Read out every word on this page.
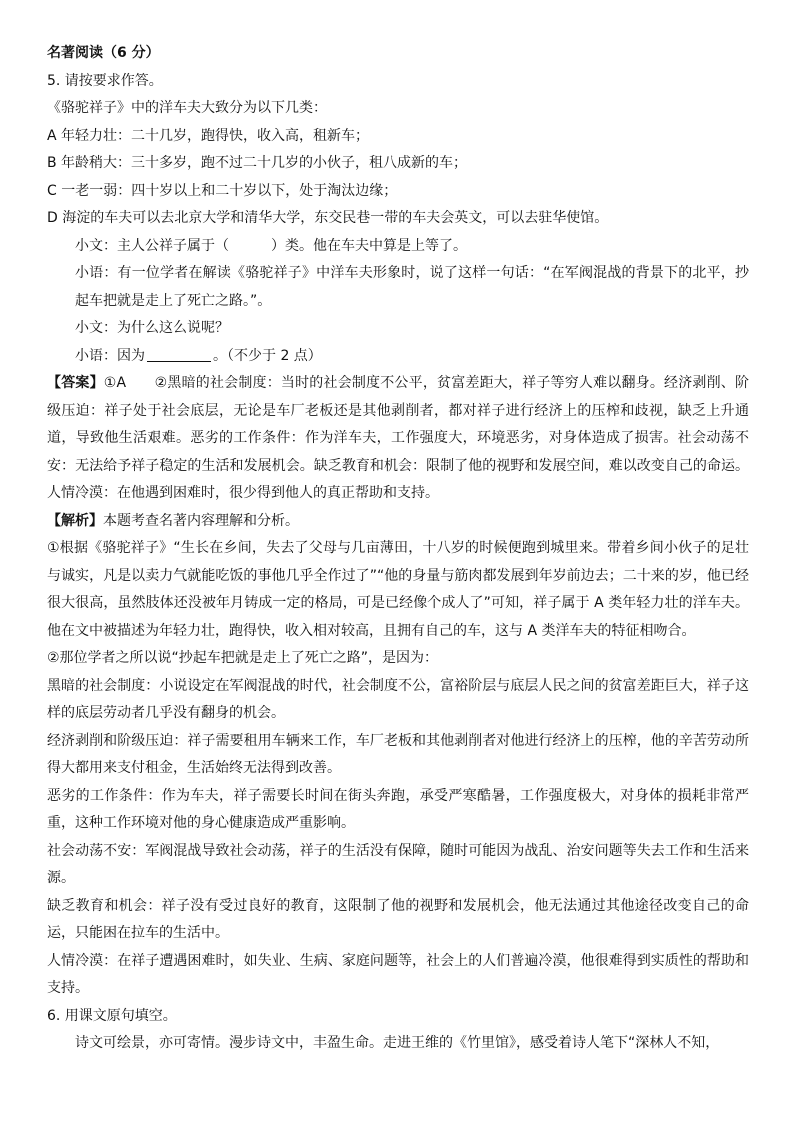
名著阅读（6 分）
5. 请按要求作答。
《骆驼祥子》中的洋车夫大致分为以下几类：
A 年轻力壮：二十几岁，跑得快，收入高，租新车；
B 年龄稍大：三十多岁，跑不过二十几岁的小伙子，租八成新的车；
C 一老一弱：四十岁以上和二十岁以下，处于淘汰边缘；
D 海淀的车夫可以去北京大学和清华大学，东交民巷一带的车夫会英文，可以去驻华使馆。
小文：主人公祥子属于（　　　）类。他在车夫中算是上等了。
小语：有一位学者在解读《骆驼祥子》中洋车夫形象时，说了这样一句话：“在军阀混战的背景下的北平，抄起车把就是走上了死亡之路。”。
小文：为什么这么说呢？
小语：因为	。（不少于 2 点）
【答案】①A　　②黑暗的社会制度：当时的社会制度不公平，贫富差距大，祥子等穷人难以翻身。经济剥削、阶级压迫：祥子处于社会底层，无论是车厂老板还是其他剥削者，都对祥子进行经济上的压榨和歧视，缺乏上升通道，导致他生活艰难。恶劣的工作条件：作为洋车夫，工作强度大，环境恶劣，对身体造成了损害。社会动荡不安：无法给予祥子稳定的生活和发展机会。缺乏教育和机会：限制了他的视野和发展空间，难以改变自己的命运。人情冷漠：在他遇到困难时，很少得到他人的真正帮助和支持。
【解析】本题考查名著内容理解和分析。
①根据《骆驼祥子》“生长在乡间，失去了父母与几亩薄田，十八岁的时候便跑到城里来。带着乡间小伙子的足壮与诚实，凡是以卖力气就能吃饭的事他几乎全作过了”“他的身量与筋肉都发展到年岁前边去；二十来的岁，他已经很大很高，虽然肢体还没被年月铸成一定的格局，可是已经像个成人了”可知，祥子属于 A 类年轻力壮的洋车夫。他在文中被描述为年轻力壮，跑得快，收入相对较高，且拥有自己的车，这与 A 类洋车夫的特征相吻合。
②那位学者之所以说“抄起车把就是走上了死亡之路”，是因为：
黑暗的社会制度：小说设定在军阀混战的时代，社会制度不公，富裕阶层与底层人民之间的贫富差距巨大，祥子这样的底层劳动者几乎没有翻身的机会。
经济剥削和阶级压迫：祥子需要租用车辆来工作，车厂老板和其他剥削者对他进行经济上的压榨，他的辛苦劳动所得大都用来支付租金，生活始终无法得到改善。
恶劣的工作条件：作为车夫，祥子需要长时间在街头奔跑，承受严寒酷暑，工作强度极大，对身体的损耗非常严重，这种工作环境对他的身心健康造成严重影响。
社会动荡不安：军阀混战导致社会动荡，祥子的生活没有保障，随时可能因为战乱、治安问题等失去工作和生活来源。
缺乏教育和机会：祥子没有受过良好的教育，这限制了他的视野和发展机会，他无法通过其他途径改变自己的命运，只能困在拉车的生活中。
人情冷漠：在祥子遭遇困难时，如失业、生病、家庭问题等，社会上的人们普遍冷漠，他很难得到实质性的帮助和支持。
6. 用课文原句填空。
诗文可绘景，亦可寄情。漫步诗文中，丰盈生命。走进王维的《竹里馆》，感受着诗人笔下“深林人不知，
